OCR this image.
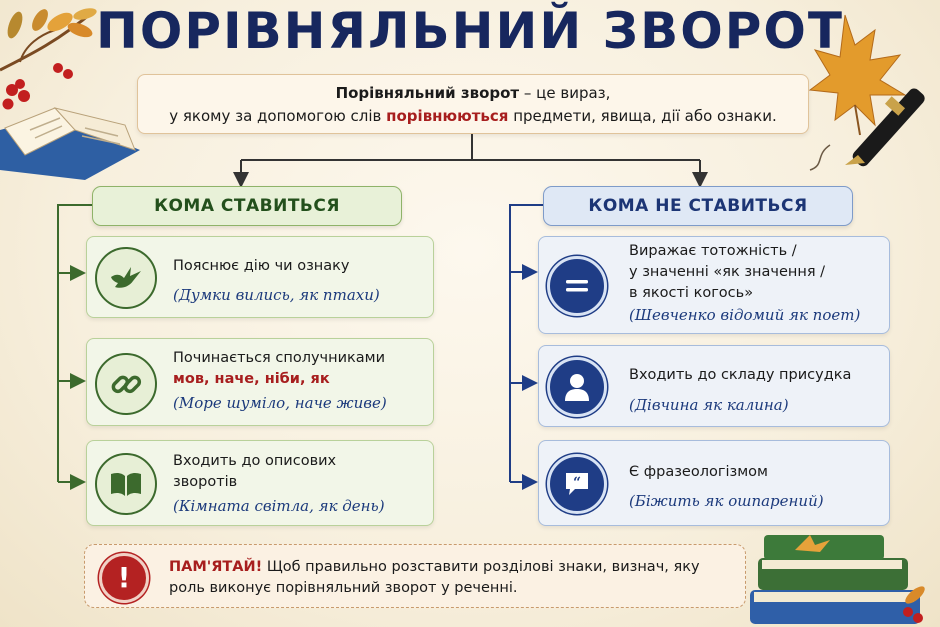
ПОРІВНЯЛЬНИЙ ЗВОРОТ
Порівняльний зворот – це вираз,
у якому за допомогою слів порівнюються предмети, явища, дії або ознаки.
КОМА СТАВИТЬСЯ	КОМА НЕ СТАВИТЬСЯ
Пояснює дію чи ознаку
(Думки вились, як птахи)
Починається сполучниками
мов, наче, ніби, як
(Море шуміло, наче живе)
Входить до описових зворотів
(Кімната світла, як день)
Виражає тотожність /
у значенні «як значення /
в якості когось»
(Шевченко відомий як поет)
Входить до складу присудка
(Дівчина як калина)
“
Є фразеологізмом
(Біжить як ошпарений)
!	ПАМ'ЯТАЙ! Щоб правильно розставити розділові знаки, визнач, яку роль виконує порівняльний зворот у реченні.
